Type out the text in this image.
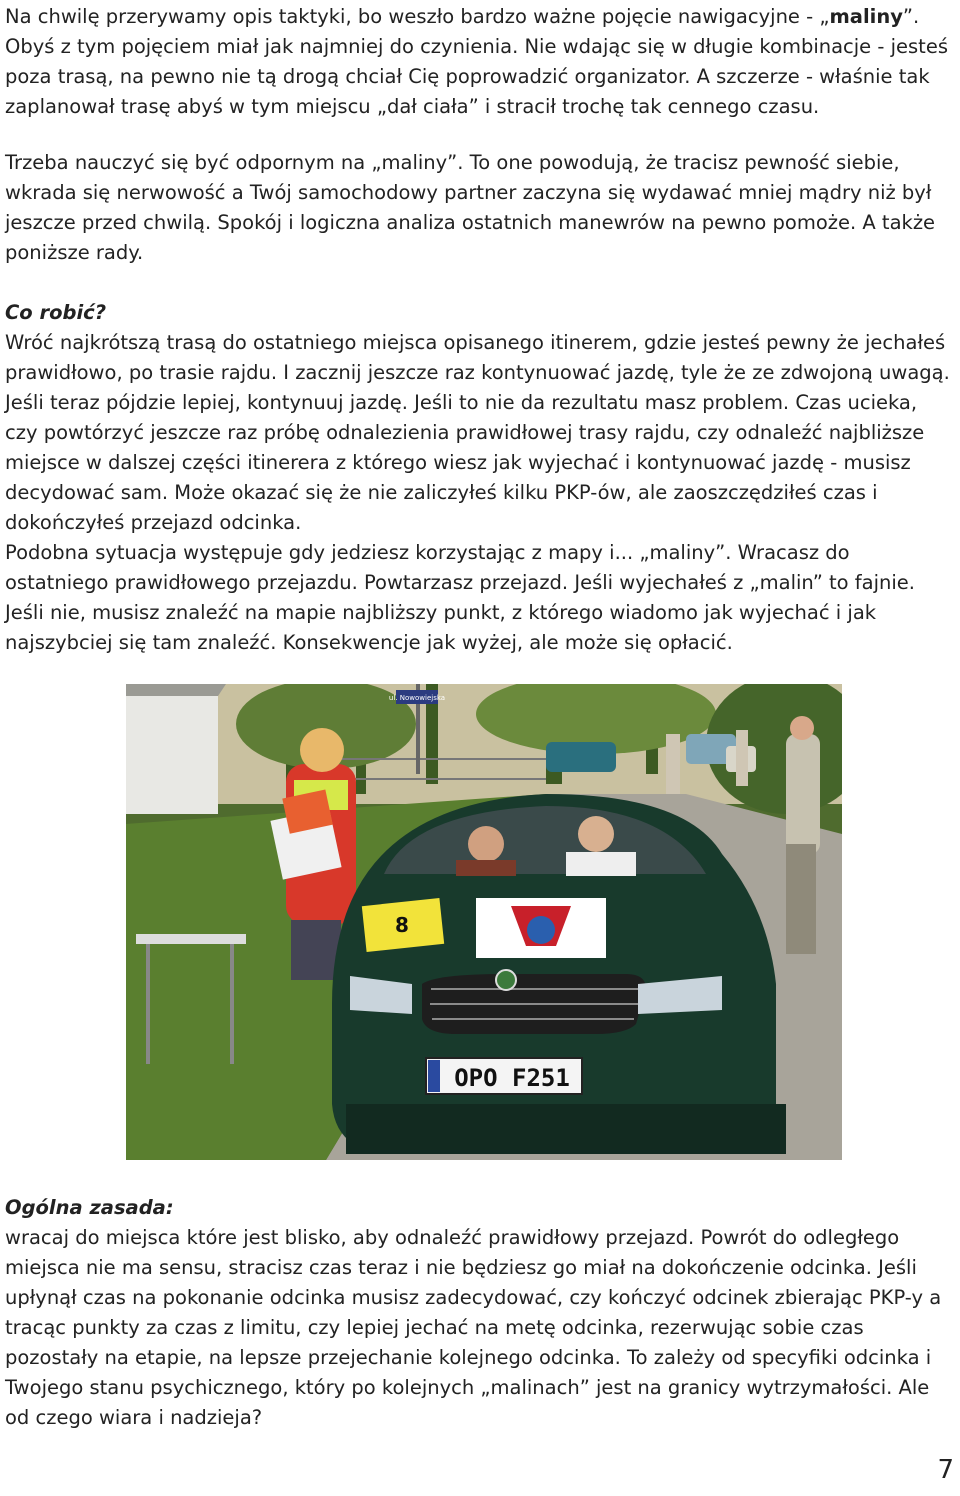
Na chwilę przerywamy opis taktyki, bo weszło bardzo ważne pojęcie nawigacyjne - „maliny”. Obyś z tym pojęciem miał jak najmniej do czynienia. Nie wdając się w długie kombinacje - jesteś poza trasą, na pewno nie tą drogą chciał Cię poprowadzić organizator. A szczerze - właśnie tak zaplanował trasę abyś w tym miejscu „dał ciała” i stracił trochę tak cennego czasu.
Trzeba nauczyć się być odpornym na „maliny”. To one powodują, że tracisz pewność siebie, wkrada się nerwowość a Twój samochodowy partner zaczyna się wydawać mniej mądry niż był jeszcze przed chwilą. Spokój i logiczna analiza ostatnich manewrów na pewno pomoże. A także poniższe rady.
Co robić?
Wróć najkrótszą trasą do ostatniego miejsca opisanego itinerem, gdzie jesteś pewny że jechałeś prawidłowo, po trasie rajdu. I zacznij jeszcze raz kontynuować jazdę, tyle że ze zdwojoną uwagą. Jeśli teraz pójdzie lepiej, kontynuuj jazdę. Jeśli to nie da rezultatu masz problem. Czas ucieka, czy powtórzyć jeszcze raz próbę odnalezienia prawidłowej trasy rajdu, czy odnaleźć najbliższe miejsce w dalszej części itinerera z którego wiesz jak wyjechać i kontynuować jazdę - musisz decydować sam. Może okazać się że nie zaliczyłeś kilku PKP-ów, ale zaoszczędziłeś czas i dokończyłeś przejazd odcinka.
Podobna sytuacja występuje gdy jedziesz korzystając z mapy i... „maliny”. Wracasz do ostatniego prawidłowego przejazdu. Powtarzasz przejazd. Jeśli wyjechałeś z „malin” to fajnie. Jeśli nie, musisz znaleźć na mapie najbliższy punkt, z którego wiadomo jak wyjechać i jak najszybciej się tam znaleźć. Konsekwencje jak wyżej, ale może się opłacić.
ul. Nowowiejska
8
OPO F251
Ogólna zasada:
wracaj do miejsca które jest blisko, aby odnaleźć prawidłowy przejazd. Powrót do odległego miejsca nie ma sensu, stracisz czas teraz i nie będziesz go miał na dokończenie odcinka. Jeśli upłynął czas na pokonanie odcinka musisz zadecydować, czy kończyć odcinek zbierając PKP-y a tracąc punkty za czas z limitu, czy lepiej jechać na metę odcinka, rezerwując sobie czas pozostały na etapie, na lepsze przejechanie kolejnego odcinka. To zależy od specyfiki odcinka i Twojego stanu psychicznego, który po kolejnych „malinach” jest na granicy wytrzymałości. Ale od czego wiara i nadzieja?
7
